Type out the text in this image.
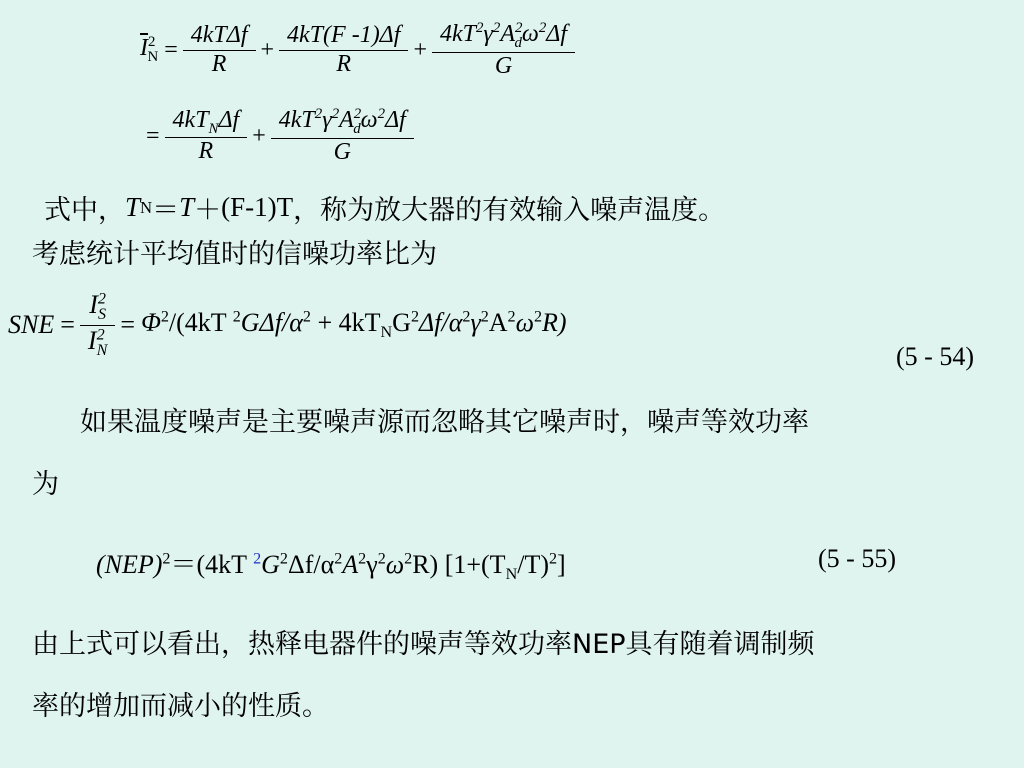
$\overline{I}^2_N = \frac{\text{4kTΔf}}{R} + \frac{4kT(F -1)\Delta f}{R} + \frac{4kT^2\gamma^2A^2_d\omega^2\Delta f}{G}$
= $\frac{4kT_N\Delta f}{R} + \frac{4kT^2\gamma^2A^2_d\omega^2\Delta f}{G}$
式中， T N ＝ T ＋ (F-1)T ，称为放大器的有效输入噪声温度。
考虑统计平均值时的信噪功率比为
SNE = $\frac{I^2_S}{I^2_N} = \Phi^2/(4kT$ $^2G\Delta f/\alpha^2 + 4kT_NG^2\Delta f/\alpha^2\gamma^2A^2\omega^2R$)
(5 - 54)
如果温度噪声是主要噪声源而忽略其它噪声时，噪声等效功率
为
(NEP)$^2$＝(4kT $^2G^2\Delta f/\alpha^2A^2\gamma^2\omega^2R$) $[1+(T_N/T)^2]$	(5 - 55)
由上式可以看出，热释电器件的噪声等效功率NEP具有随着调制频
率的增加而减小的性质。
